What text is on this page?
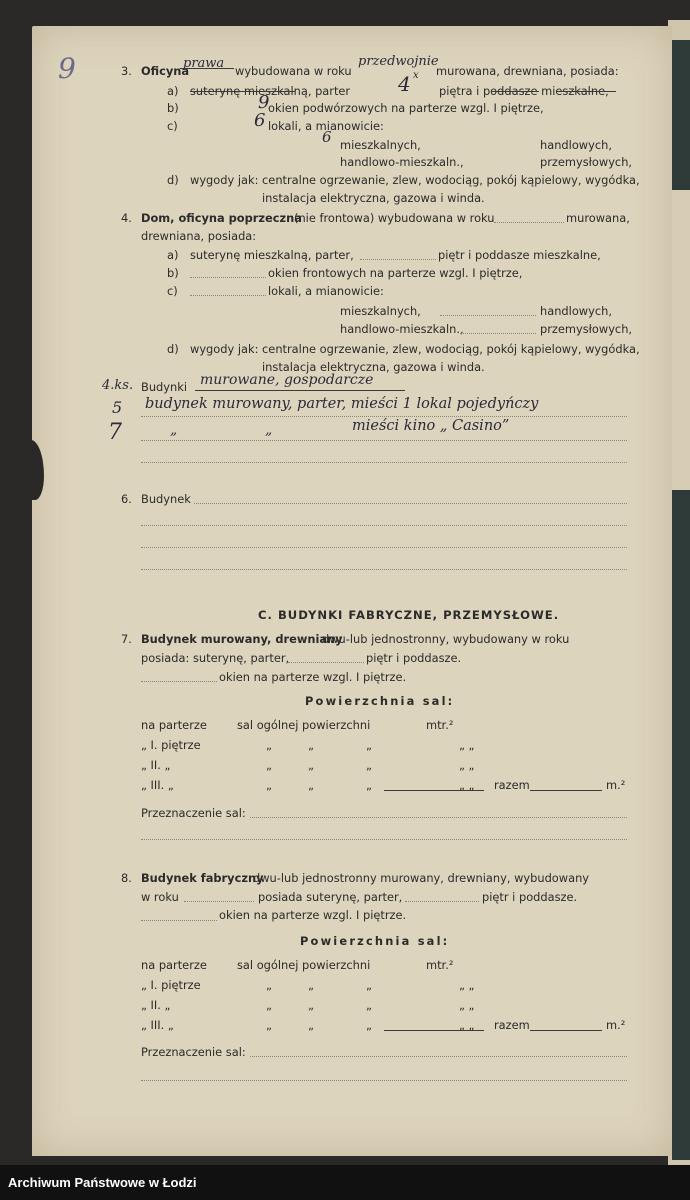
9
4.ks.
5
7
3. Oficyna
prawa wybudowana w roku
przedwojnie
murowana, drewniana, posiada:
a) suterynę mieszkalną, parter 4 x
piętra i poddasze mieszkalne,
b)	9
okien podwórzowych na parterze wzgl. I piętrze,
c)	6 lokali, a mianowicie:
6 mieszkalnych,	handlowych,
handlowo-mieszkaln.,	przemysłowych,
d) wygody jak: centralne ogrzewanie, zlew, wodociąg, pokój kąpielowy, wygódka,
instalacja elektryczna, gazowa i winda.
4. Dom, oficyna poprzeczna
(nie frontowa) wybudowana w roku	murowana,
drewniana, posiada:
a) suterynę mieszkalną, parter,	piętr i poddasze mieszkalne,
b)	okien frontowych na parterze wzgl. I piętrze,
c)	lokali, a mianowicie:
mieszkalnych,	handlowych,
handlowo-mieszkaln.,	przemysłowych,
d) wygody jak: centralne ogrzewanie, zlew, wodociąg, pokój kąpielowy, wygódka,
instalacja elektryczna, gazowa i winda.
Budynki murowane, gospodarcze
budynek murowany, parter, mieści 1 lokal pojedyńczy
„	„	mieści kino „ Casino”
6. Budynek
C. BUDYNKI FABRYCZNE, PRZEMYSŁOWE.
7. Budynek murowany, drewniany
dwu-lub jednostronny, wybudowany w roku
posiada: suterynę, parter,	piętr i poddasze.
okien na parterze wzgl. I piętrze.
Powierzchnia sal:
na parterze	sal ogólnej powierzchni	mtr.²
„ I. piętrze	„	„	„	„ „
„ II. „	„	„	„	„ „
„ III. „	„	„	„	„ „ razem	m.²
Przeznaczenie sal:
8. Budynek fabryczny
dwu-lub jednostronny murowany, drewniany, wybudowany
w roku	posiada suterynę, parter,	piętr i poddasze.
okien na parterze wzgl. I piętrze.
Powierzchnia sal:
na parterze	sal ogólnej powierzchni	mtr.²
„ I. piętrze	„	„	„	„ „
„ II. „	„	„	„	„ „
„ III. „	„	„	„	„ „ razem	m.²
Przeznaczenie sal:
Archiwum Państwowe w Łodzi
